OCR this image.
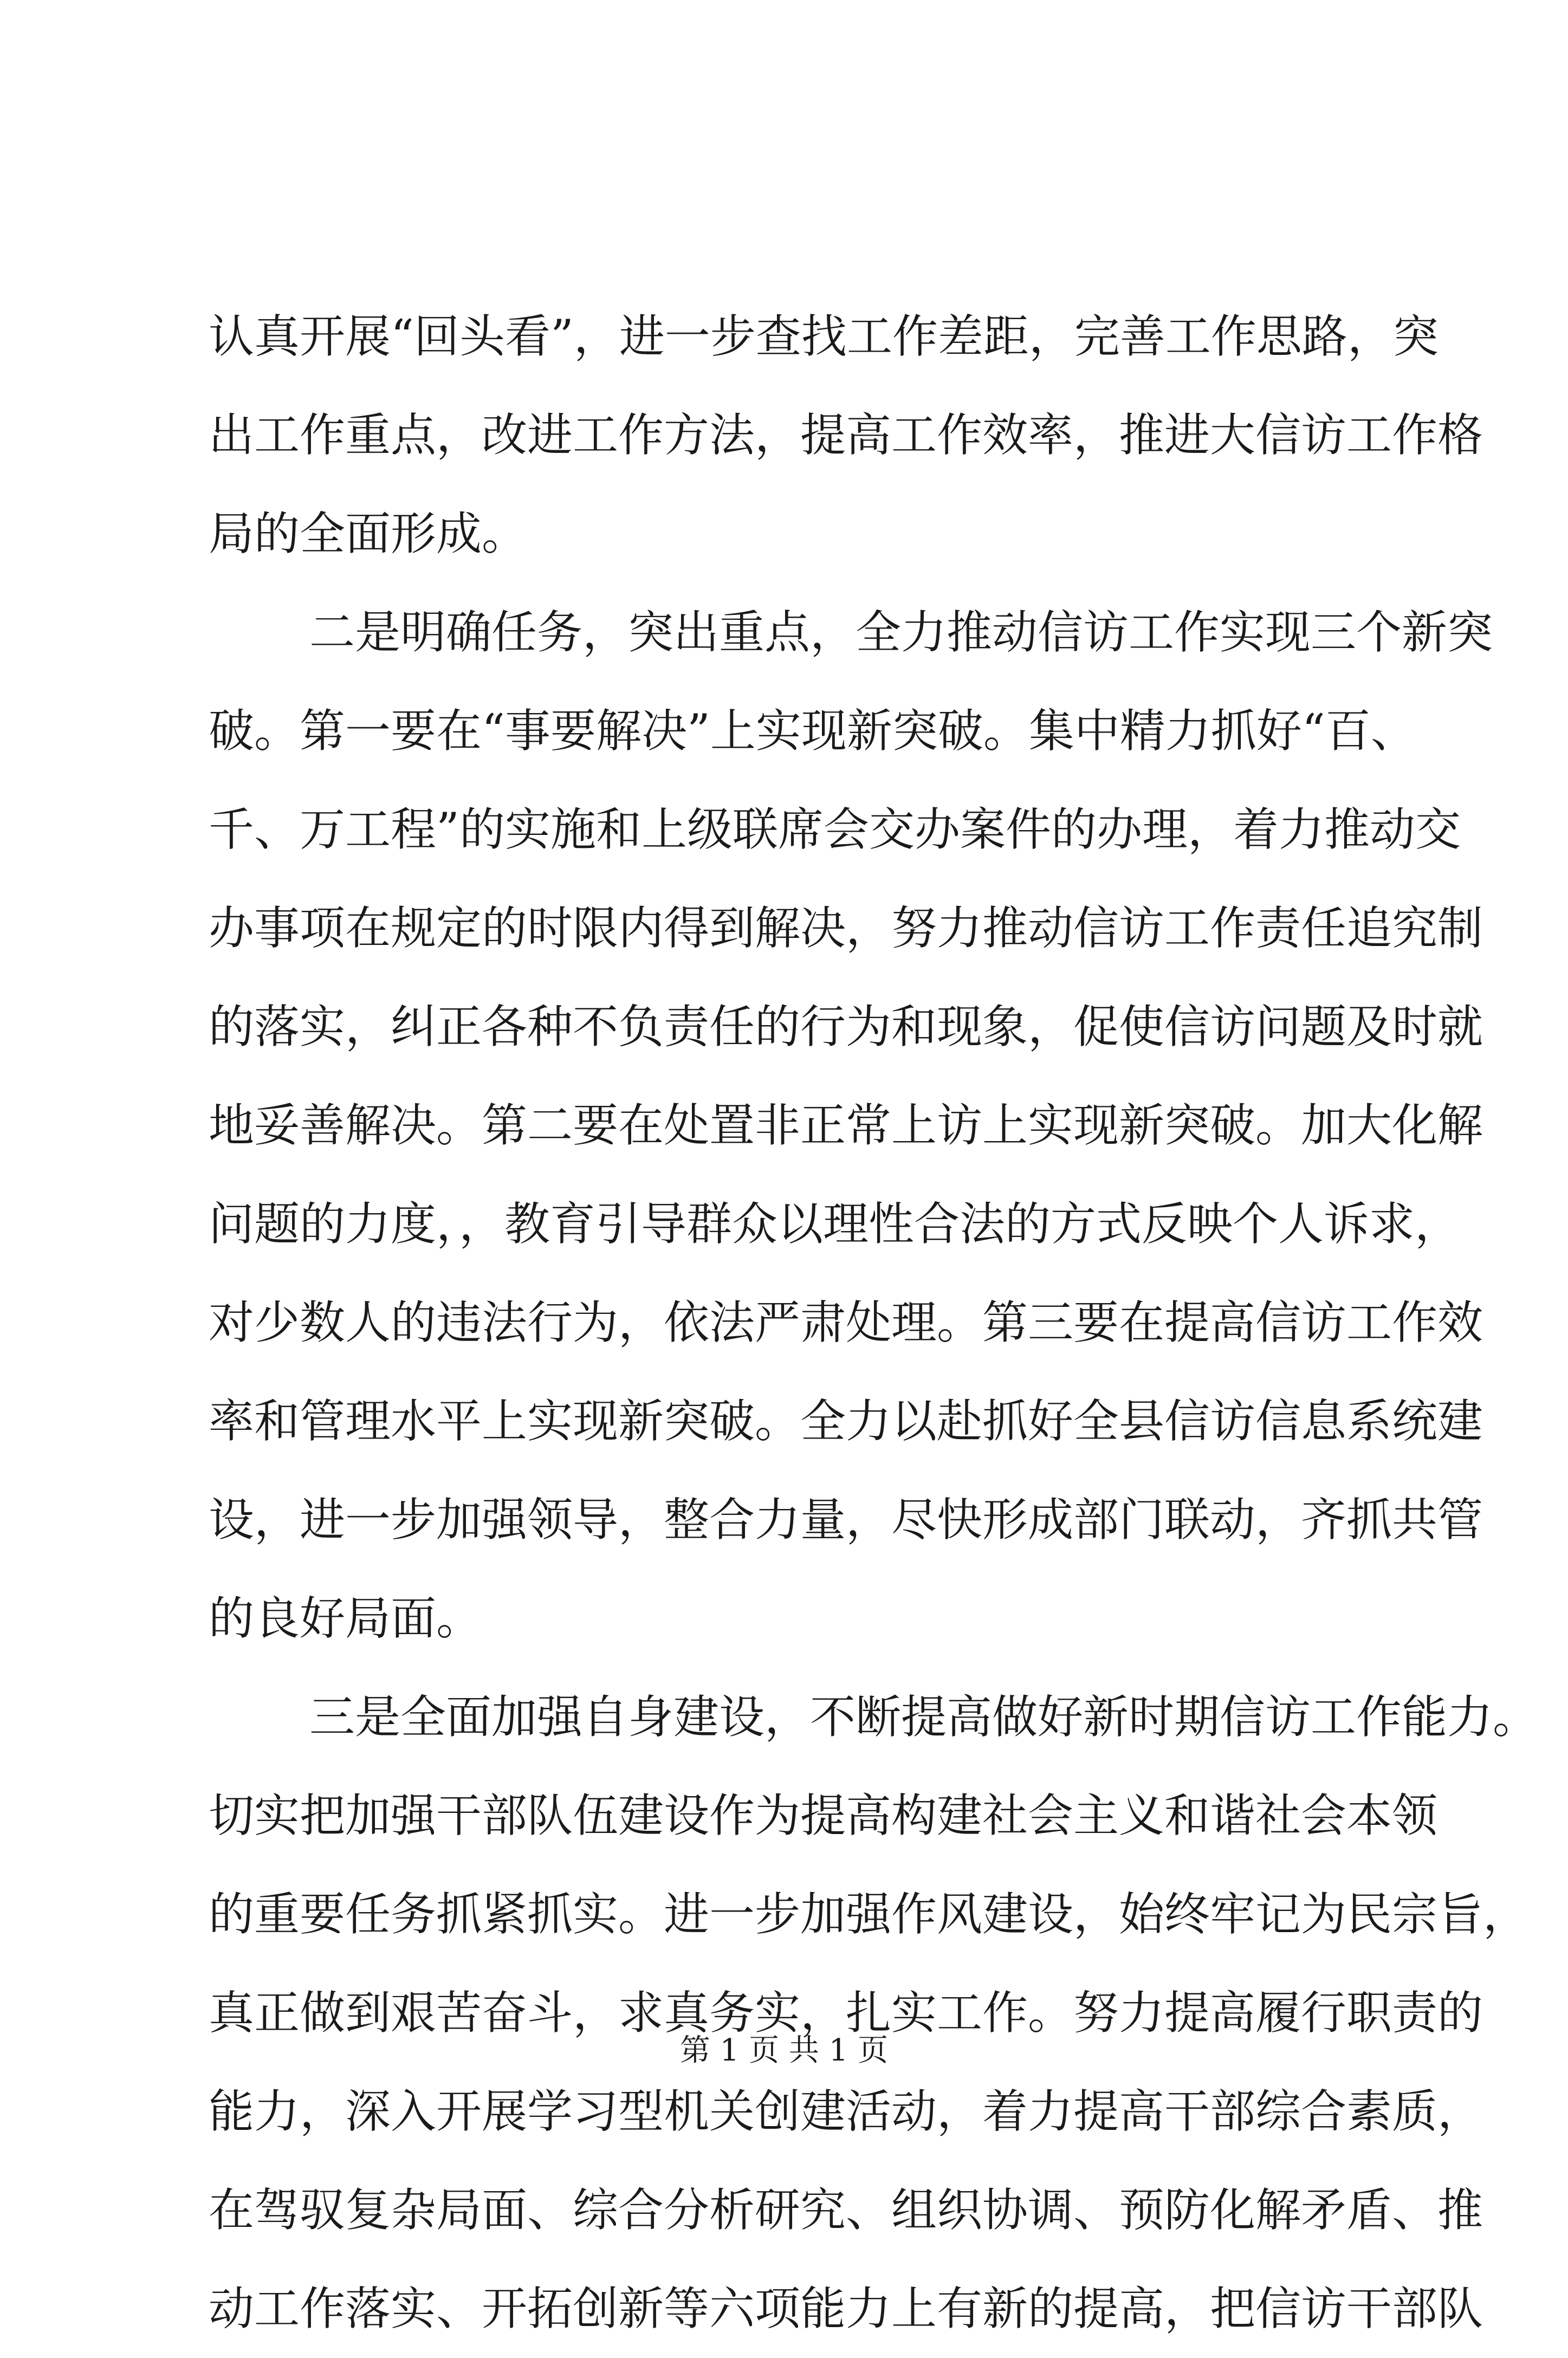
认真开展“回头看”，进一步查找工作差距，完善工作思路，突
出工作重点，改进工作方法，提高工作效率，推进大信访工作格
局的全面形成。
二是明确任务，突出重点，全力推动信访工作实现三个新突
破。第一要在“事要解决”上实现新突破。集中精力抓好“百、
千、万工程”的实施和上级联席会交办案件的办理，着力推动交
办事项在规定的时限内得到解决，努力推动信访工作责任追究制
的落实，纠正各种不负责任的行为和现象，促使信访问题及时就
地妥善解决。第二要在处置非正常上访上实现新突破。加大化解
问题的力度，，教育引导群众以理性合法的方式反映个人诉求，
对少数人的违法行为，依法严肃处理。第三要在提高信访工作效
率和管理水平上实现新突破。全力以赴抓好全县信访信息系统建
设，进一步加强领导，整合力量，尽快形成部门联动，齐抓共管
的良好局面。
三是全面加强自身建设，不断提高做好新时期信访工作能力。
切实把加强干部队伍建设作为提高构建社会主义和谐社会本领
的重要任务抓紧抓实。进一步加强作风建设，始终牢记为民宗旨，
真正做到艰苦奋斗，求真务实，扎实工作。努力提高履行职责的
能力，深入开展学习型机关创建活动，着力提高干部综合素质，
在驾驭复杂局面、综合分析研究、组织协调、预防化解矛盾、推
动工作落实、开拓创新等六项能力上有新的提高，把信访干部队
第 1 页 共 1 页
